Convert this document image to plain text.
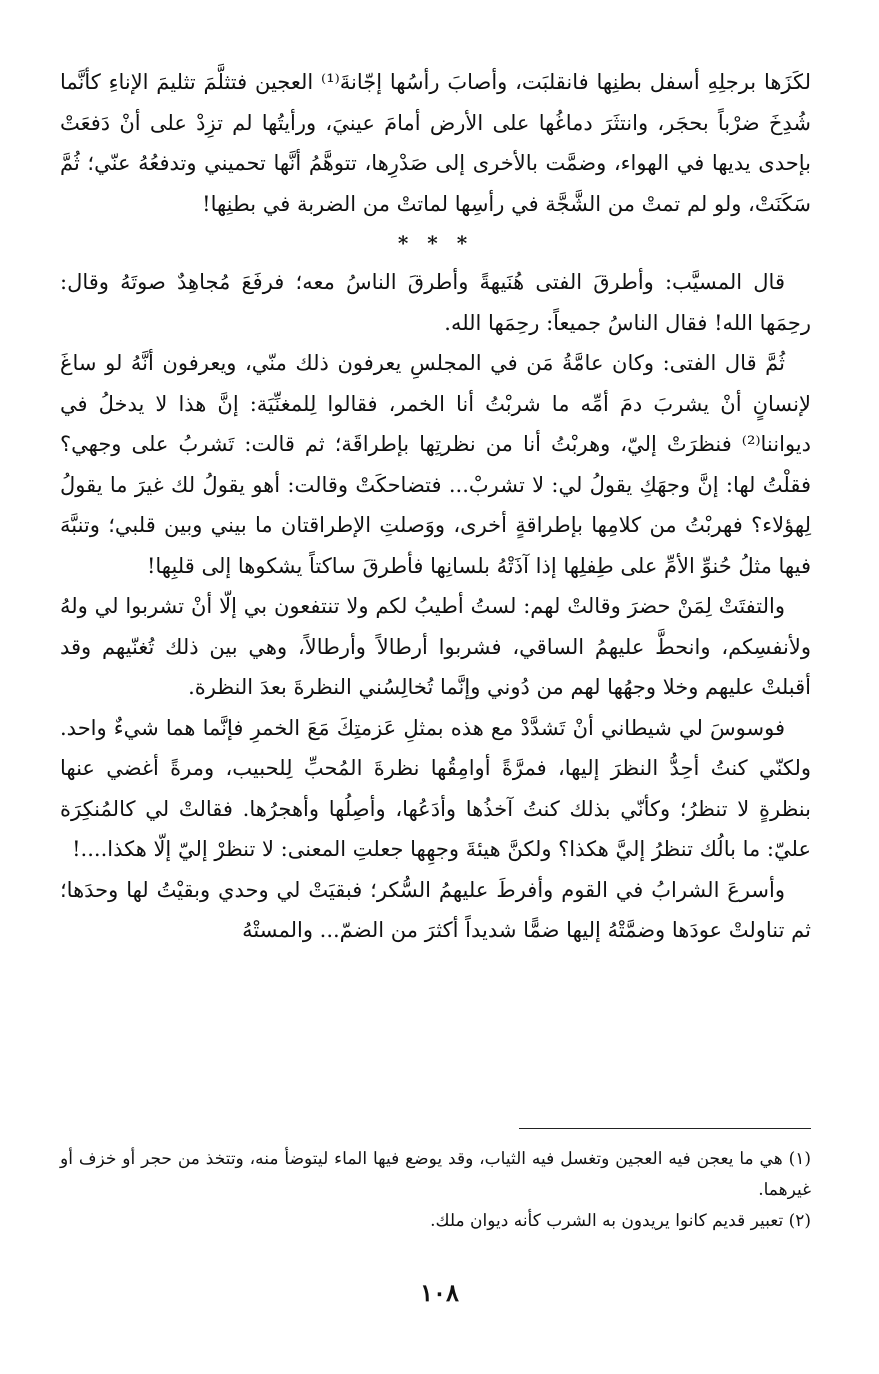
لكَزَها برجلِهِ أسفل بطنِها فانقلبَت، وأصابَ رأسُها إجّانةَ⁽¹⁾ العجين فتثلَّمَ تثليمَ الإناءِ كأنَّما شُدِخَ ضرْباً بحجَر، وانتثَرَ دماغُها على الأرض أمامَ عينيَ، ورأيتُها لم تزِدْ على أنْ دَفعَتْ بإحدى يديها في الهواء، وضمَّت بالأخرى إلى صَدْرِها، تتوهَّمُ أنَّها تحميني وتدفعُهُ عنّي؛ ثُمَّ سَكَنَتْ، ولو لم تمتْ من الشَّجَّة في رأسِها لماتتْ من الضربة في بطنِها!

* * *

قال المسيَّب: وأطرقَ الفتى هُنَيهةً وأطرقَ الناسُ معه؛ فرفَعَ مُجاهِدٌ صوتَهُ وقال: رحِمَها الله! فقال الناسُ جميعاً: رحِمَها الله.

ثُمَّ قال الفتى: وكان عامَّةُ مَن في المجلسِ يعرفون ذلك منّي، ويعرفون أنَّهُ لو ساغَ لإنسانٍ أنْ يشربَ دمَ أمِّه ما شربْتُ أنا الخمر، فقالوا لِلمغنِّيَة: إنَّ هذا لا يدخلُ في ديواننا⁽²⁾ فنظرَتْ إليّ، وهربْتُ أنا من نظرتِها بإطراقَة؛ ثم قالت: تَشربُ على وجهي؟ فقلْتُ لها: إنَّ وجهَكِ يقولُ لي: لا تشربْ... فتضاحكَتْ وقالت: أهو يقولُ لك غيرَ ما يقولُ لِهؤلاء؟ فهربْتُ من كلامِها بإطراقةٍ أخرى، ووَصلتِ الإطراقتان ما بيني وبين قلبي؛ وتنبَّهَ فيها مثلُ حُنوِّ الأمِّ على طِفلِها إذا آذَتْهُ بلسانِها فأطرقَ ساكتاً يشكوها إلى قلبِها!

والتفتَتْ لِمَنْ حضرَ وقالتْ لهم: لستُ أطيبُ لكم ولا تنتفعون بي إلّا أنْ تشربوا لي ولهُ ولأنفسِكم، وانحطَّ عليهمُ الساقي، فشربوا أرطالاً وأرطالاً، وهي بين ذلك تُغنّيهم وقد أقبلتْ عليهم وخلا وجهُها لهم من دُوني وإنَّما تُخالِسُني النظرةَ بعدَ النظرة.

فوسوسَ لي شيطاني أنْ تَشدَّدْ مع هذه بمثلِ عَزمتِكَ مَعَ الخمرِ فإنَّما هما شيءٌ واحد. ولكنّي كنتُ أحِدُّ النظرَ إليها، فمرَّةً أوامِقُها نظرةَ المُحبِّ لِلحبيب، ومرةً أغضي عنها بنظرةٍ لا تنظرُ؛ وكأنّي بذلك كنتُ آخذُها وأدَعُها، وأصِلُها وأهجرُها. فقالتْ لي كالمُنكِرَة عليّ: ما بالُك تنظرُ إليَّ هكذا؟ ولكنَّ هيئةَ وجهِها جعلتِ المعنى: لا تنظرْ إليّ إلّا هكذا....!

وأسرعَ الشرابُ في القوم وأفرطَ عليهمُ السُّكر؛ فبقيَتْ لي وحدي وبقيْتُ لها وحدَها؛ ثم تناولتْ عودَها وضمَّتْهُ إليها ضمًّا شديداً أكثرَ من الضمّ... والمستْهُ

(١) هي ما يعجن فيه العجين وتغسل فيه الثياب، وقد يوضع فيها الماء ليتوضأ منه، وتتخذ من حجر أو خزف أو غيرهما.

(٢) تعبير قديم كانوا يريدون به الشرب كأنه ديوان ملك.

١٠٨
